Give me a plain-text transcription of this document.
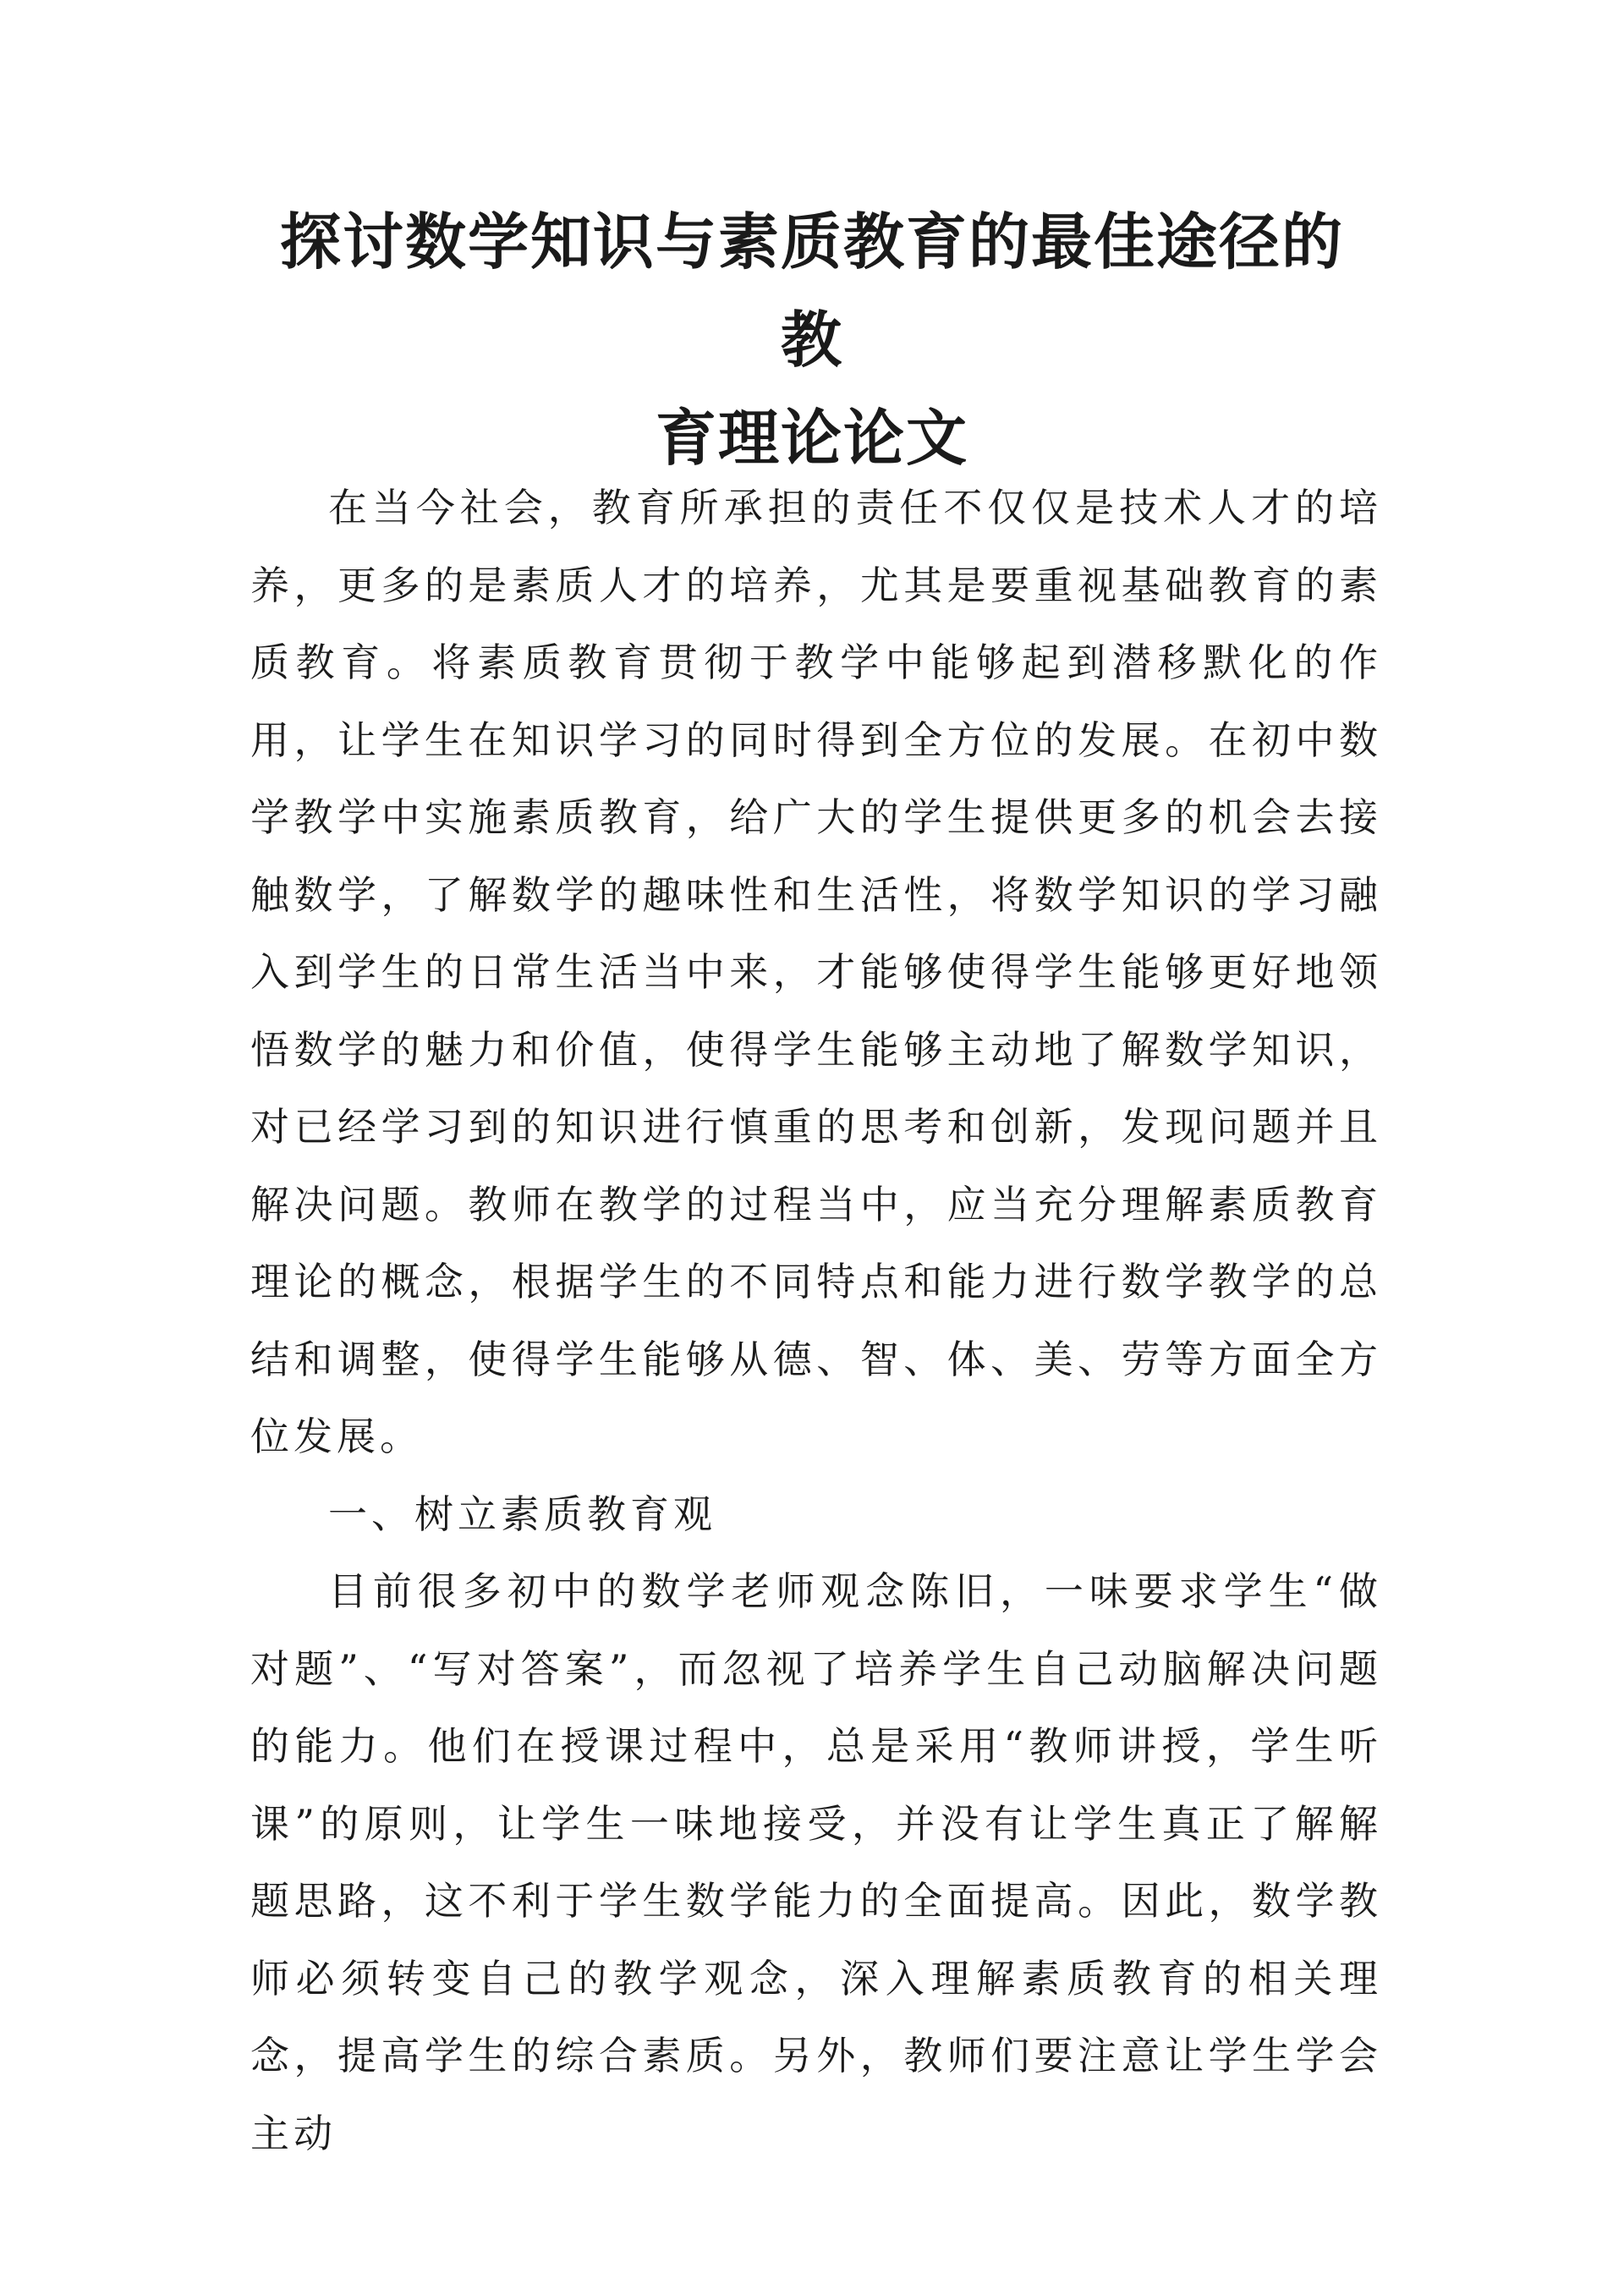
探讨数学知识与素质教育的最佳途径的教
育理论论文

在当今社会，教育所承担的责任不仅仅是技术人才的培养，更多的是素质人才的培养，尤其是要重视基础教育的素质教育。将素质教育贯彻于教学中能够起到潜移默化的作用，让学生在知识学习的同时得到全方位的发展。在初中数学教学中实施素质教育，给广大的学生提供更多的机会去接触数学，了解数学的趣味性和生活性，将数学知识的学习融入到学生的日常生活当中来，才能够使得学生能够更好地领悟数学的魅力和价值，使得学生能够主动地了解数学知识，对已经学习到的知识进行慎重的思考和创新，发现问题并且解决问题。教师在教学的过程当中，应当充分理解素质教育理论的概念，根据学生的不同特点和能力进行数学教学的总结和调整，使得学生能够从德、智、体、美、劳等方面全方位发展。

一、树立素质教育观

目前很多初中的数学老师观念陈旧，一味要求学生“做对题”、“写对答案”，而忽视了培养学生自己动脑解决问题的能力。他们在授课过程中，总是采用“教师讲授，学生听课”的原则，让学生一味地接受，并没有让学生真正了解解题思路，这不利于学生数学能力的全面提高。因此，数学教师必须转变自己的教学观念，深入理解素质教育的相关理念，提高学生的综合素质。另外，教师们要注意让学生学会主动
